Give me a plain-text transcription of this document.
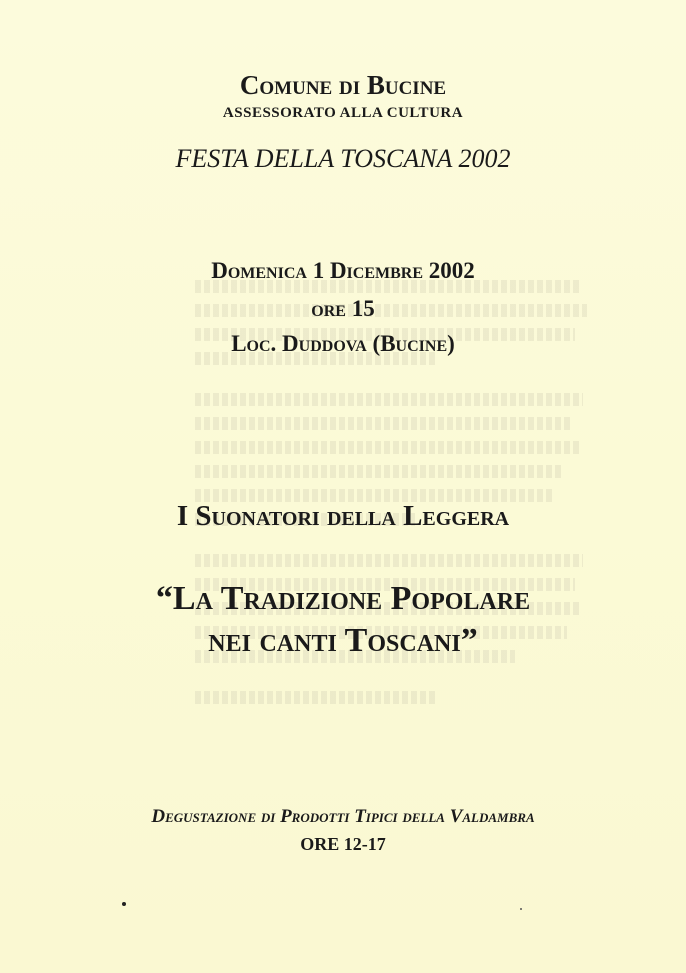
Comune di Bucine
ASSESSORATO ALLA CULTURA
FESTA DELLA TOSCANA 2002
Domenica 1 Dicembre 2002
ore 15
Loc. Duddova (Bucine)
I Suonatori della Leggera
“La Tradizione Popolare
nei canti Toscani”
Degustazione di Prodotti Tipici della Valdambra
ORE 12-17
